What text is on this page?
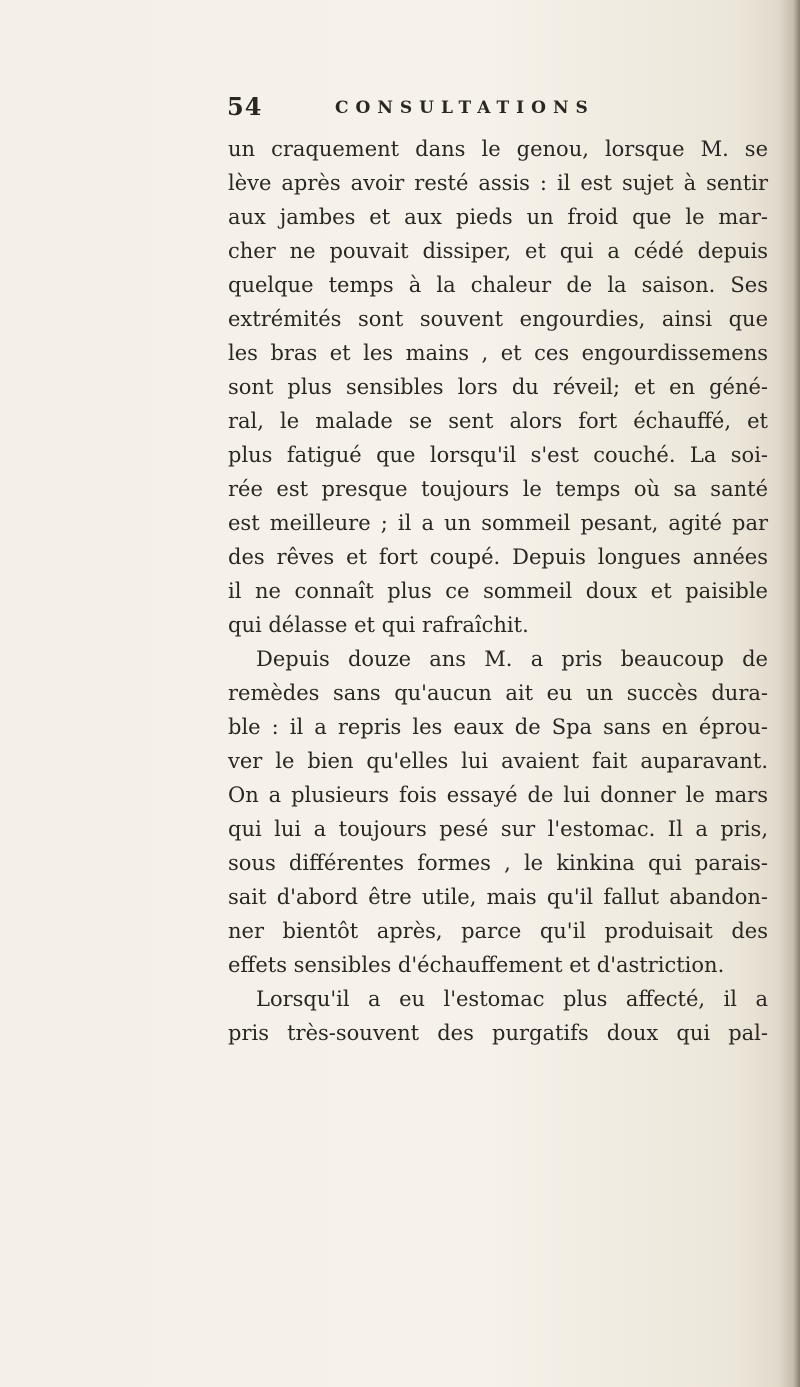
54	CONSULTATIONS
un craquement dans le genou, lorsque M. se
lève après avoir resté assis : il est sujet à sentir
aux jambes et aux pieds un froid que le mar-
cher ne pouvait dissiper, et qui a cédé depuis
quelque temps à la chaleur de la saison. Ses
extrémités sont souvent engourdies, ainsi que
les bras et les mains , et ces engourdissemens
sont plus sensibles lors du réveil; et en géné-
ral, le malade se sent alors fort échauffé, et
plus fatigué que lorsqu'il s'est couché. La soi-
rée est presque toujours le temps où sa santé
est meilleure ; il a un sommeil pesant, agité par
des rêves et fort coupé. Depuis longues années
il ne connaît plus ce sommeil doux et paisible
qui délasse et qui rafraîchit.
Depuis douze ans M. a pris beaucoup de
remèdes sans qu'aucun ait eu un succès dura-
ble : il a repris les eaux de Spa sans en éprou-
ver le bien qu'elles lui avaient fait auparavant.
On a plusieurs fois essayé de lui donner le mars
qui lui a toujours pesé sur l'estomac. Il a pris,
sous différentes formes , le kinkina qui parais-
sait d'abord être utile, mais qu'il fallut abandon-
ner bientôt après, parce qu'il produisait des
effets sensibles d'échauffement et d'astriction.
Lorsqu'il a eu l'estomac plus affecté, il a
pris très-souvent des purgatifs doux qui pal-
